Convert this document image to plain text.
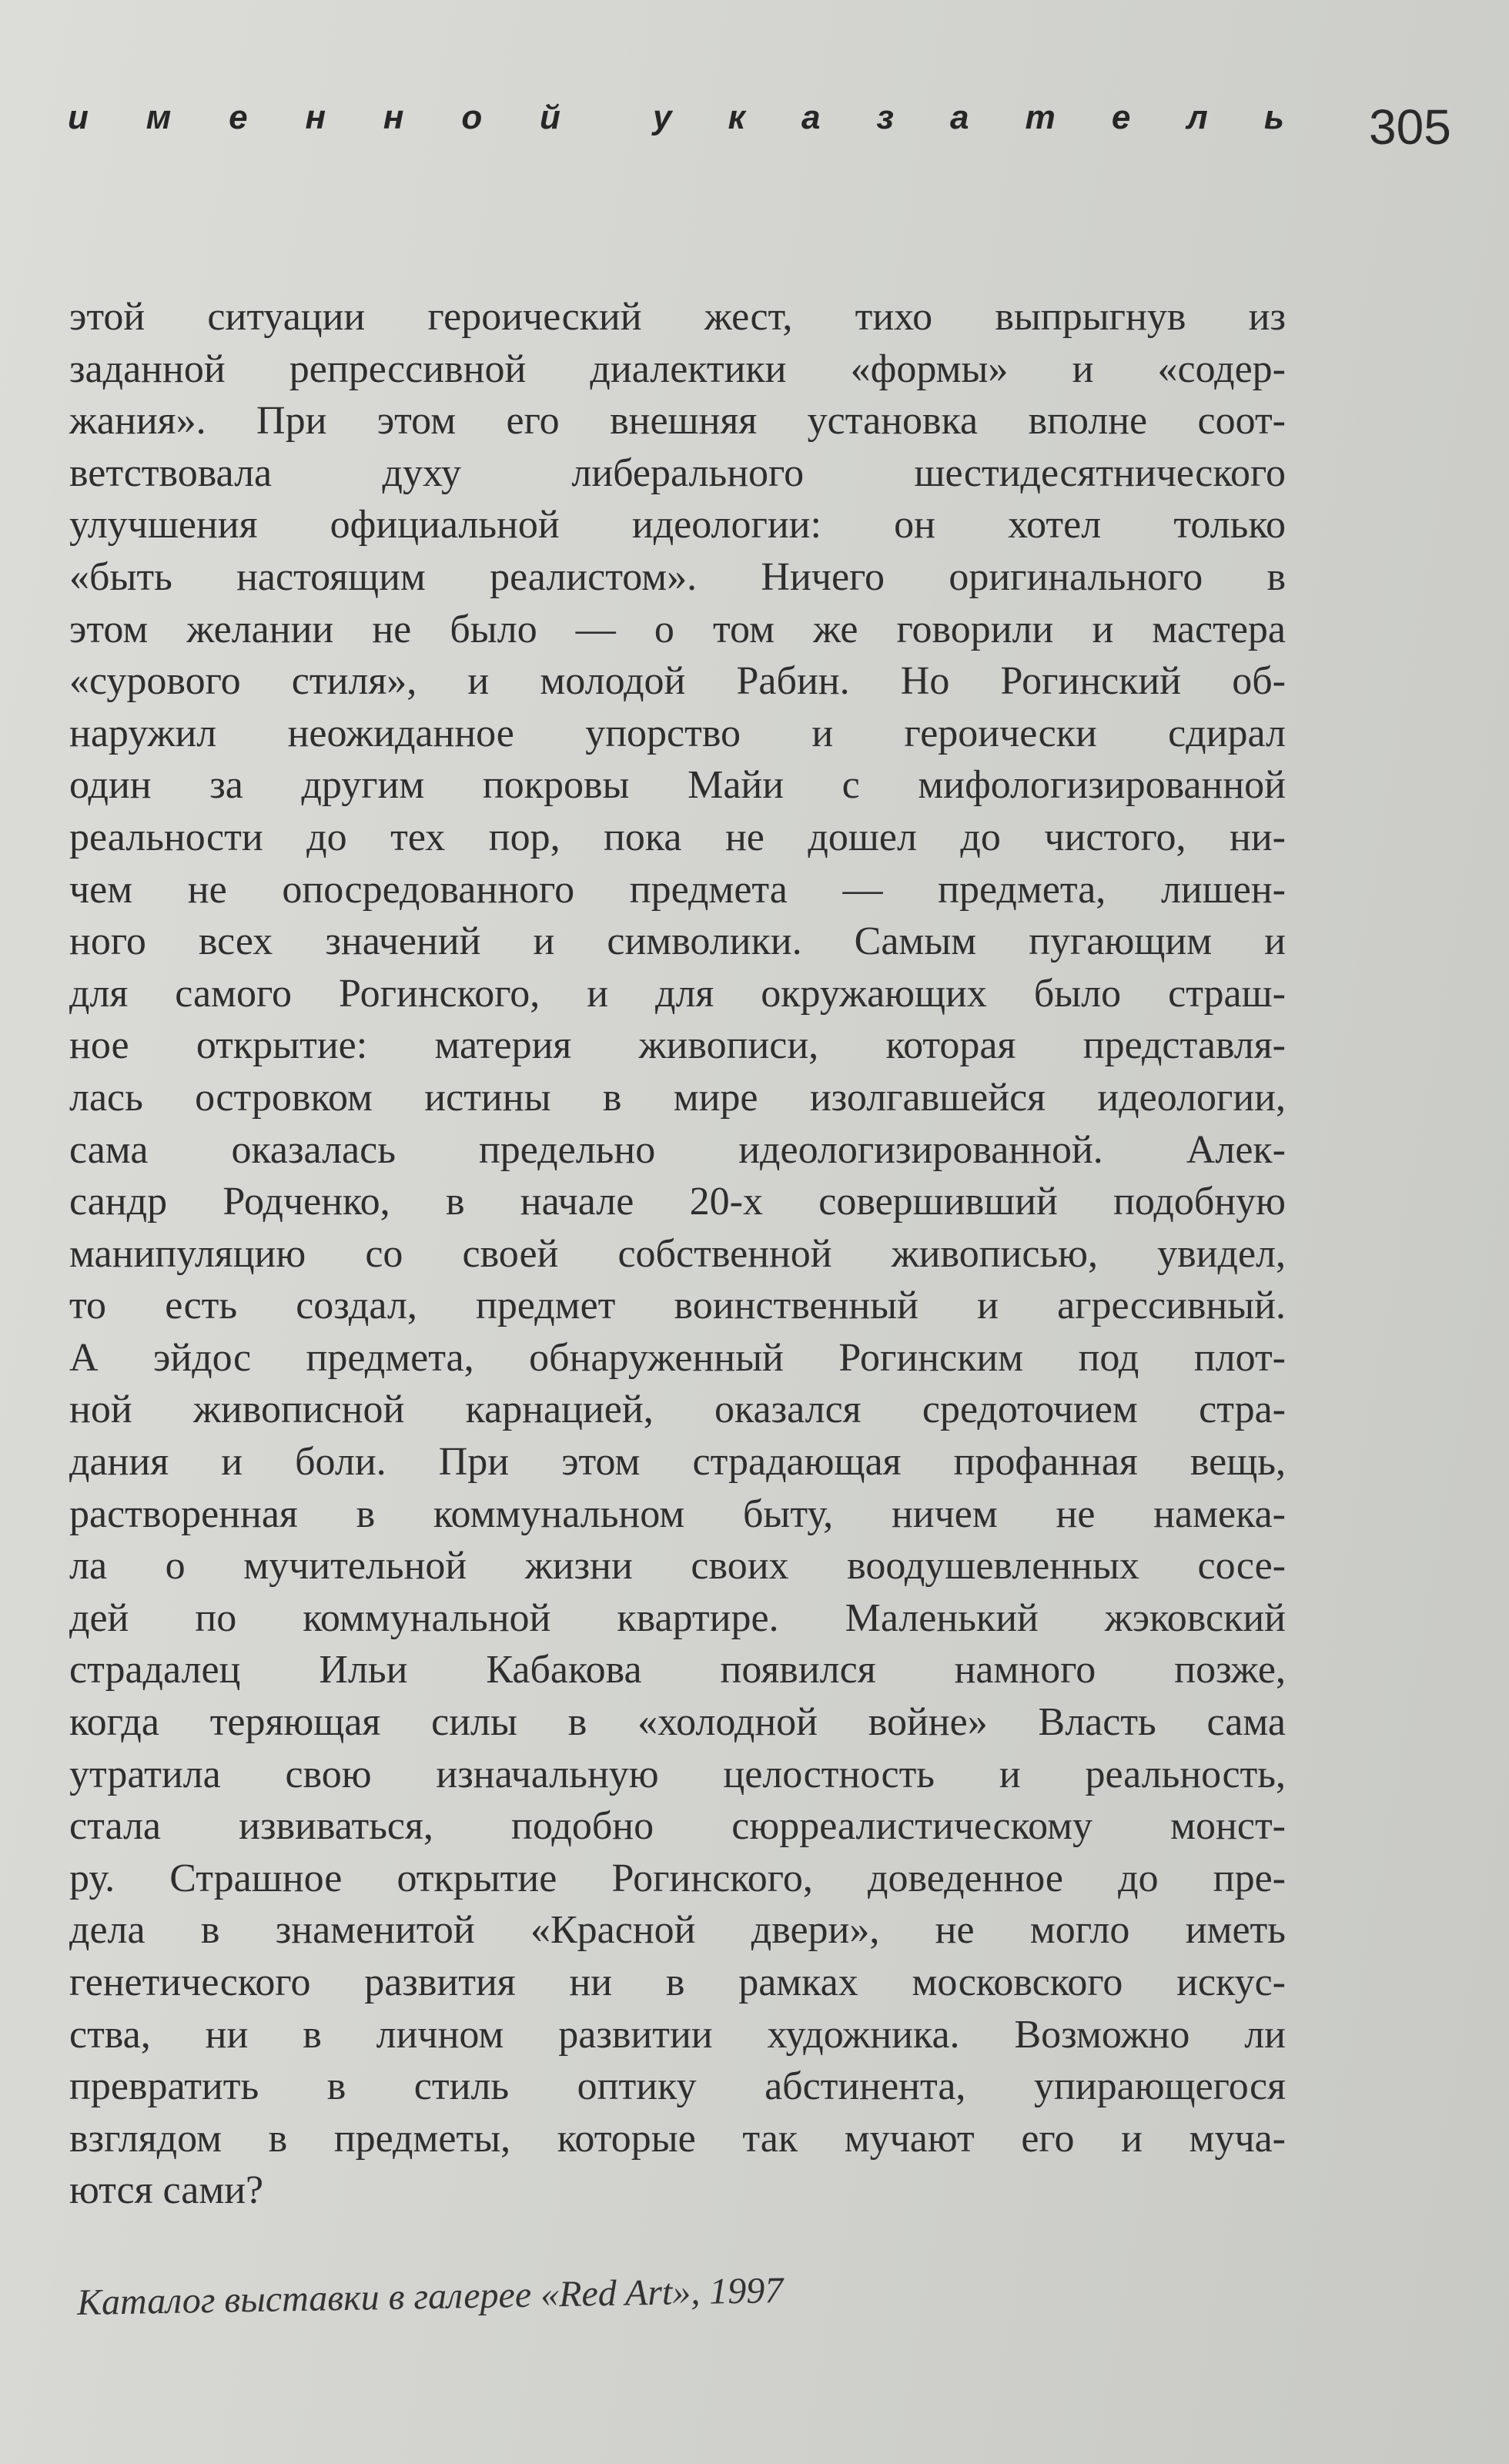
и м е н н о й	у к а з а т е л ь 305
этой ситуации героический жест, тихо выпрыгнув из
заданной репрессивной диалектики «формы» и «содер-
жания». При этом его внешняя установка вполне соот-
ветствовала духу либерального шестидесятнического
улучшения официальной идеологии: он хотел только
«быть настоящим реалистом». Ничего оригинального в
этом желании не было — о том же говорили и мастера
«сурового стиля», и молодой Рабин. Но Рогинский об-
наружил неожиданное упорство и героически сдирал
один за другим покровы Майи с мифологизированной
реальности до тех пор, пока не дошел до чистого, ни-
чем не опосредованного предмета — предмета, лишен-
ного всех значений и символики. Самым пугающим и
для самого Рогинского, и для окружающих было страш-
ное открытие: материя живописи, которая представля-
лась островком истины в мире изолгавшейся идеологии,
сама оказалась предельно идеологизированной. Алек-
сандр Родченко, в начале 20-х совершивший подобную
манипуляцию со своей собственной живописью, увидел,
то есть создал, предмет воинственный и агрессивный.
А эйдос предмета, обнаруженный Рогинским под плот-
ной живописной карнацией, оказался средоточием стра-
дания и боли. При этом страдающая профанная вещь,
растворенная в коммунальном быту, ничем не намека-
ла о мучительной жизни своих воодушевленных сосе-
дей по коммунальной квартире. Маленький жэковский
страдалец Ильи Кабакова появился намного позже,
когда теряющая силы в «холодной войне» Власть сама
утратила свою изначальную целостность и реальность,
стала извиваться, подобно сюрреалистическому монст-
ру. Страшное открытие Рогинского, доведенное до пре-
дела в знаменитой «Красной двери», не могло иметь
генетического развития ни в рамках московского искус-
ства, ни в личном развитии художника. Возможно ли
превратить в стиль оптику абстинента, упирающегося
взглядом в предметы, которые так мучают его и муча-
ются сами?
Каталог выставки в галерее «Red Art», 1997
